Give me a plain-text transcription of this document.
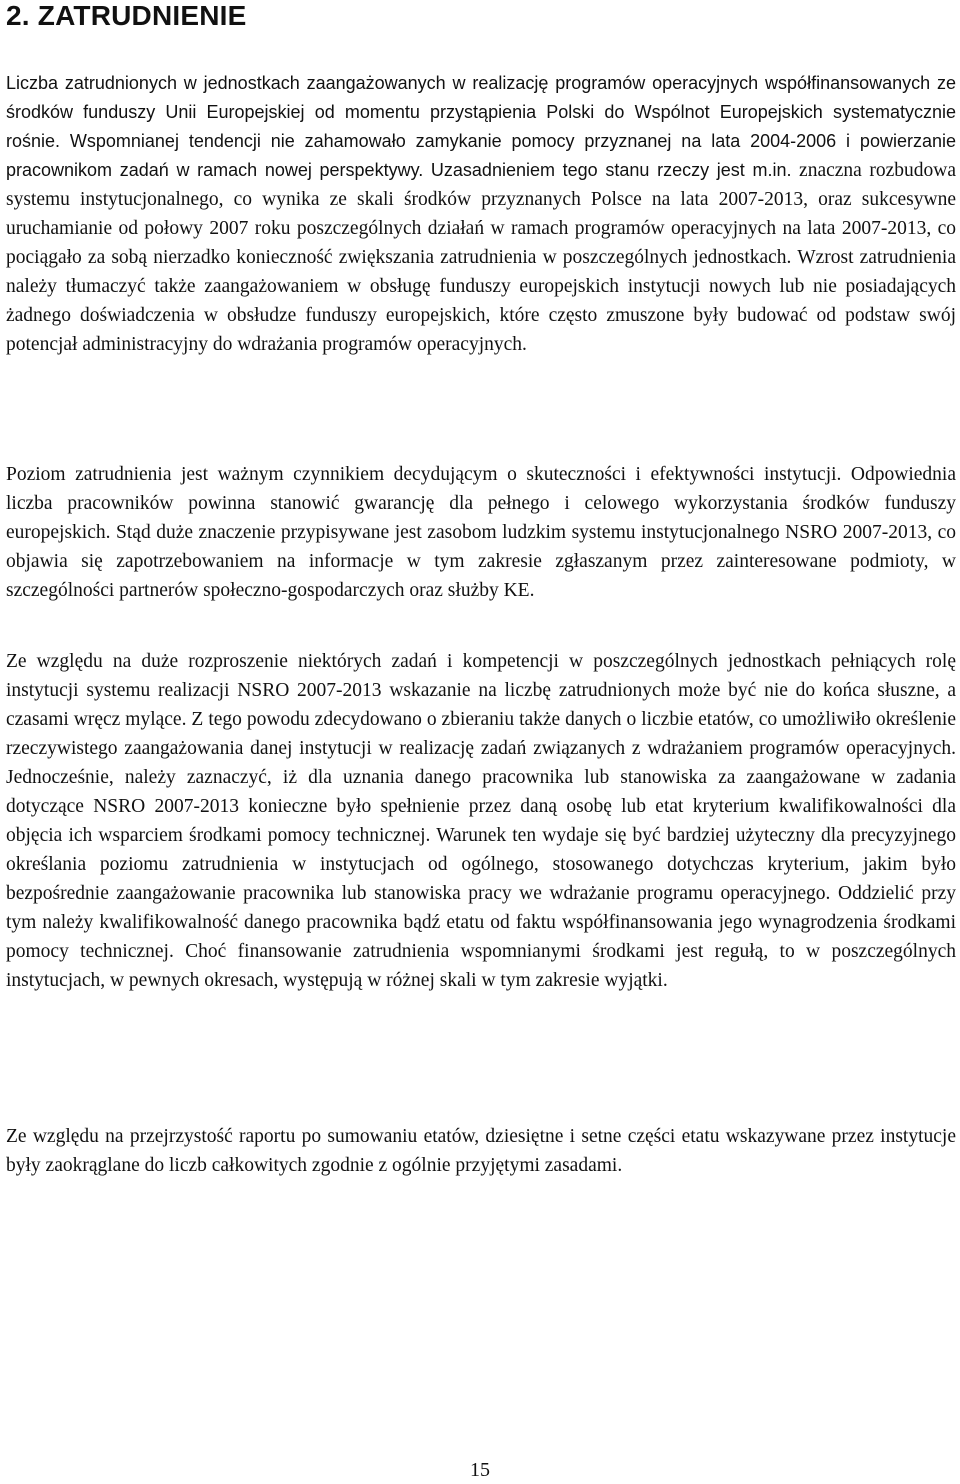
2. ZATRUDNIENIE

Liczba zatrudnionych w jednostkach zaangażowanych w realizację programów operacyjnych współfinansowanych ze środków funduszy Unii Europejskiej od momentu przystąpienia Polski do Wspólnot Europejskich systematycznie rośnie. Wspomnianej tendencji nie zahamowało zamykanie pomocy przyznanej na lata 2004-2006 i powierzanie pracownikom zadań w ramach nowej perspektywy. Uzasadnieniem tego stanu rzeczy jest m.in. znaczna rozbudowa systemu instytucjonalnego, co wynika ze skali środków przyznanych Polsce na lata 2007-2013, oraz sukcesywne uruchamianie od połowy 2007 roku poszczególnych działań w ramach programów operacyjnych na lata 2007-2013, co pociągało za sobą nierzadko konieczność zwiększania zatrudnienia w poszczególnych jednostkach. Wzrost zatrudnienia należy tłumaczyć także zaangażowaniem w obsługę funduszy europejskich instytucji nowych lub nie posiadających żadnego doświadczenia w obsłudze funduszy europejskich, które często zmuszone były budować od podstaw swój potencjał administracyjny do wdrażania programów operacyjnych.

Poziom zatrudnienia jest ważnym czynnikiem decydującym o skuteczności i efektywności instytucji. Odpowiednia liczba pracowników powinna stanowić gwarancję dla pełnego i celowego wykorzystania środków funduszy europejskich. Stąd duże znaczenie przypisywane jest zasobom ludzkim systemu instytucjonalnego NSRO 2007-2013, co objawia się zapotrzebowaniem na informacje w tym zakresie zgłaszanym przez zainteresowane podmioty, w szczególności partnerów społeczno-gospodarczych oraz służby KE.

Ze względu na duże rozproszenie niektórych zadań i kompetencji w poszczególnych jednostkach pełniących rolę instytucji systemu realizacji NSRO 2007-2013 wskazanie na liczbę zatrudnionych może być nie do końca słuszne, a czasami wręcz mylące. Z tego powodu zdecydowano o zbieraniu także danych o liczbie etatów, co umożliwiło określenie rzeczywistego zaangażowania danej instytucji w realizację zadań związanych z wdrażaniem programów operacyjnych. Jednocześnie, należy zaznaczyć, iż dla uznania danego pracownika lub stanowiska za zaangażowane w zadania dotyczące NSRO 2007-2013 konieczne było spełnienie przez daną osobę lub etat kryterium kwalifikowalności dla objęcia ich wsparciem środkami pomocy technicznej. Warunek ten wydaje się być bardziej użyteczny dla precyzyjnego określania poziomu zatrudnienia w instytucjach od ogólnego, stosowanego dotychczas kryterium, jakim było bezpośrednie zaangażowanie pracownika lub stanowiska pracy we wdrażanie programu operacyjnego. Oddzielić przy tym należy kwalifikowalność danego pracownika bądź etatu od faktu współfinansowania jego wynagrodzenia środkami pomocy technicznej. Choć finansowanie zatrudnienia wspomnianymi środkami jest regułą, to w poszczególnych instytucjach, w pewnych okresach, występują w różnej skali w tym zakresie wyjątki.

Ze względu na przejrzystość raportu po sumowaniu etatów, dziesiętne i setne części etatu wskazywane przez instytucje były zaokrąglane do liczb całkowitych zgodnie z ogólnie przyjętymi zasadami.

15
